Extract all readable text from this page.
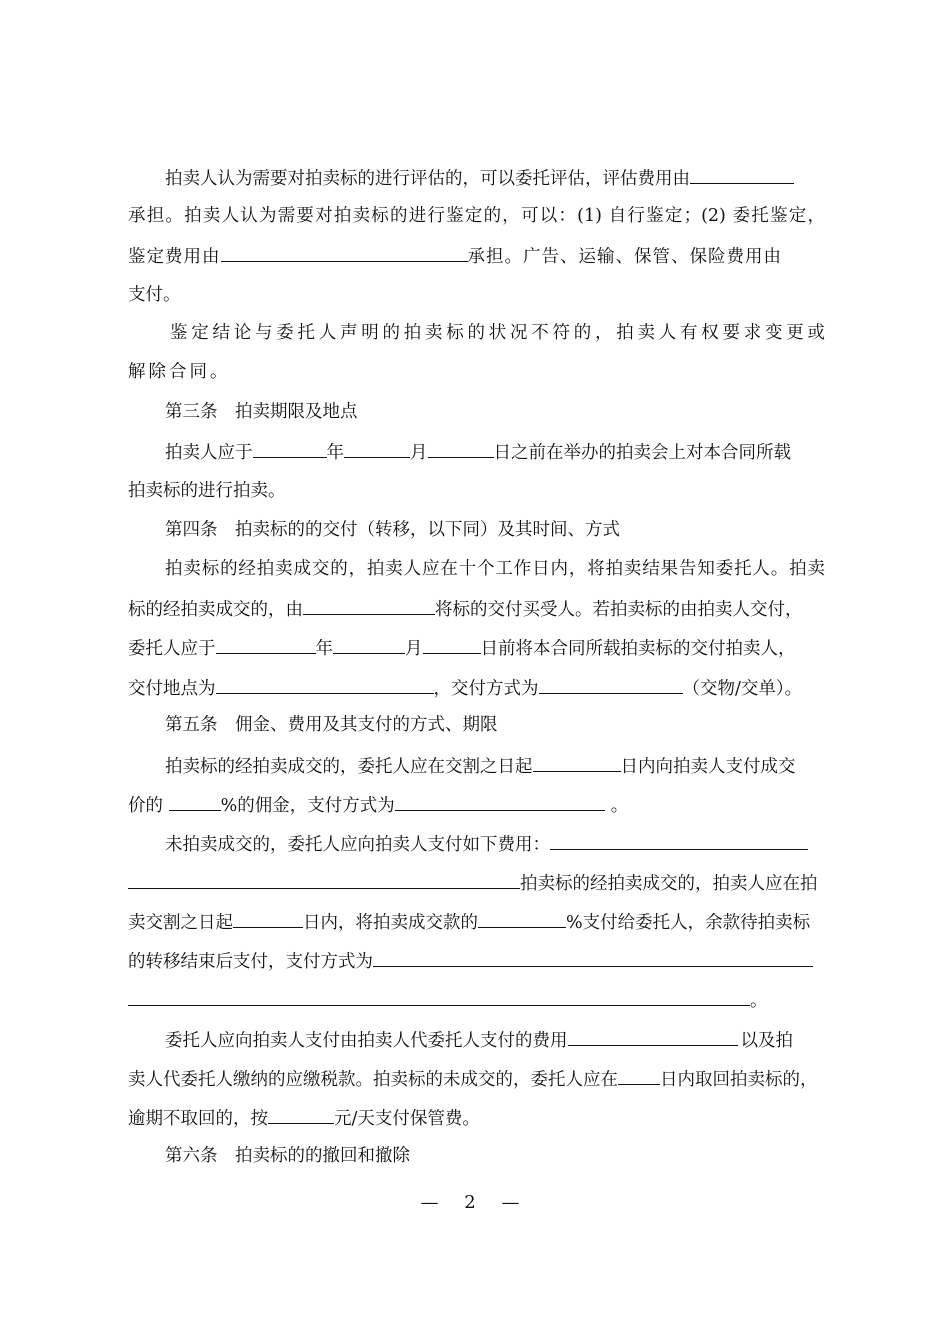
拍卖人认为需要对拍卖标的进行评估的，可以委托评估，评估费用由
承担。拍卖人认为需要对拍卖标的进行鉴定的，可以：(1) 自行鉴定；(2) 委托鉴定，
鉴定费用由	承担。广告、运输、保管、保险费用由
支付。
鉴定结论与委托人声明的拍卖标的状况不符的，拍卖人有权要求变更或
解除合同。
第三条　拍卖期限及地点
拍卖人应于	年	月	日之前在举办的拍卖会上对本合同所载
拍卖标的进行拍卖。
第四条　拍卖标的的交付（转移，以下同）及其时间、方式
拍卖标的经拍卖成交的，拍卖人应在十个工作日内，将拍卖结果告知委托人。拍卖
标的经拍卖成交的，由	将标的交付买受人。若拍卖标的由拍卖人交付，
委托人应于	年	月	日前将本合同所载拍卖标的交付拍卖人，
交付地点为	，交付方式为	（交物/交单）。
第五条　佣金、费用及其支付的方式、期限
拍卖标的经拍卖成交的，委托人应在交割之日起	日内向拍卖人支付成交
价的	%的佣金，支付方式为	。
未拍卖成交的，委托人应向拍卖人支付如下费用：
拍卖标的经拍卖成交的，拍卖人应在拍
卖交割之日起	日内，将拍卖成交款的	%支付给委托人，余款待拍卖标
的转移结束后支付，支付方式为
。
委托人应向拍卖人支付由拍卖人代委托人支付的费用	以及拍
卖人代委托人缴纳的应缴税款。拍卖标的未成交的，委托人应在 日内取回拍卖标的，
逾期不取回的，按	元/天支付保管费。
第六条　拍卖标的的撤回和撤除
— 2 —
